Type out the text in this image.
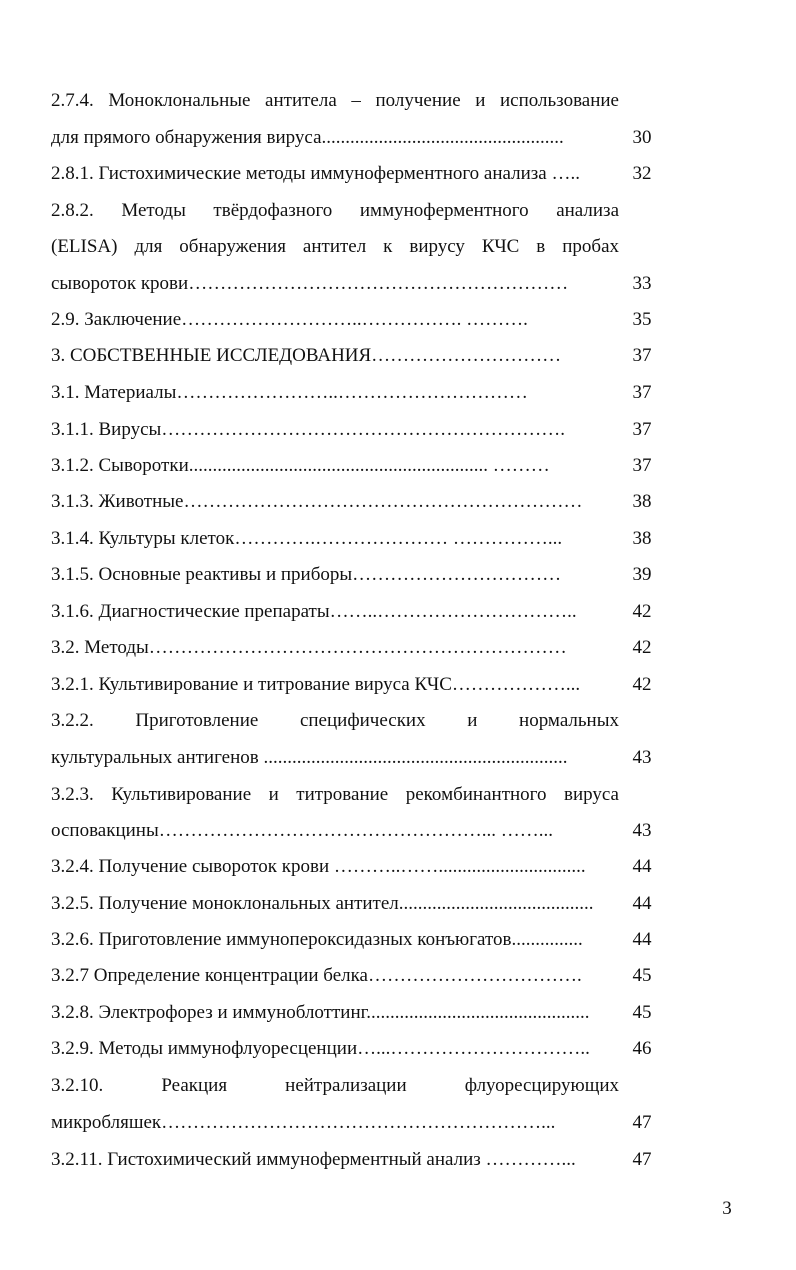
2.7.4. Моноклональные антитела – получение и использование
для прямого обнаружения вируса...................................................	30
2.8.1. Гистохимические методы иммуноферментного анализа …..	32
2.8.2. Методы твёрдофазного иммуноферментного анализа
(ELISA) для обнаружения антител к вирусу КЧС в пробах
сывороток крови……………………………………………………	33
2.9. Заключение………………………..……………. ……….	35
3. СОБСТВЕННЫЕ ИССЛЕДОВАНИЯ…………………………	37
3.1. Материалы……………………..…………………………	37
3.1.1. Вирусы……………………………………………………….	37
3.1.2. Сыворотки............................................................... ………	37
3.1.3. Животные………………………………………………………	38
3.1.4. Культуры клеток………….………………… ……………...	38
3.1.5. Основные реактивы и приборы……………………………	39
3.1.6. Диагностические препараты……..…………………………..	42
3.2. Методы…………………………………………………………	42
3.2.1. Культивирование и титрование вируса КЧС………………...	42
3.2.2. Приготовление специфических и нормальных
культуральных антигенов ................................................................	43
3.2.3. Культивирование и титрование рекомбинантного вируса
осповакцины……………………………………………... ……...	43
3.2.4. Получение сывороток крови ………..……...............................	44
3.2.5. Получение моноклональных антител.........................................	44
3.2.6. Приготовление иммунопероксидазных конъюгатов...............	44
3.2.7 Определение концентрации белка…………………………….	45
3.2.8. Электрофорез и иммуноблоттинг...............................................	45
3.2.9. Методы иммунофлуоресценции…...…………………………..	46
3.2.10. Реакция нейтрализации флуоресцирующих
микробляшек……………………………………………………...	47
3.2.11. Гистохимический иммуноферментный анализ …………...	47
3
